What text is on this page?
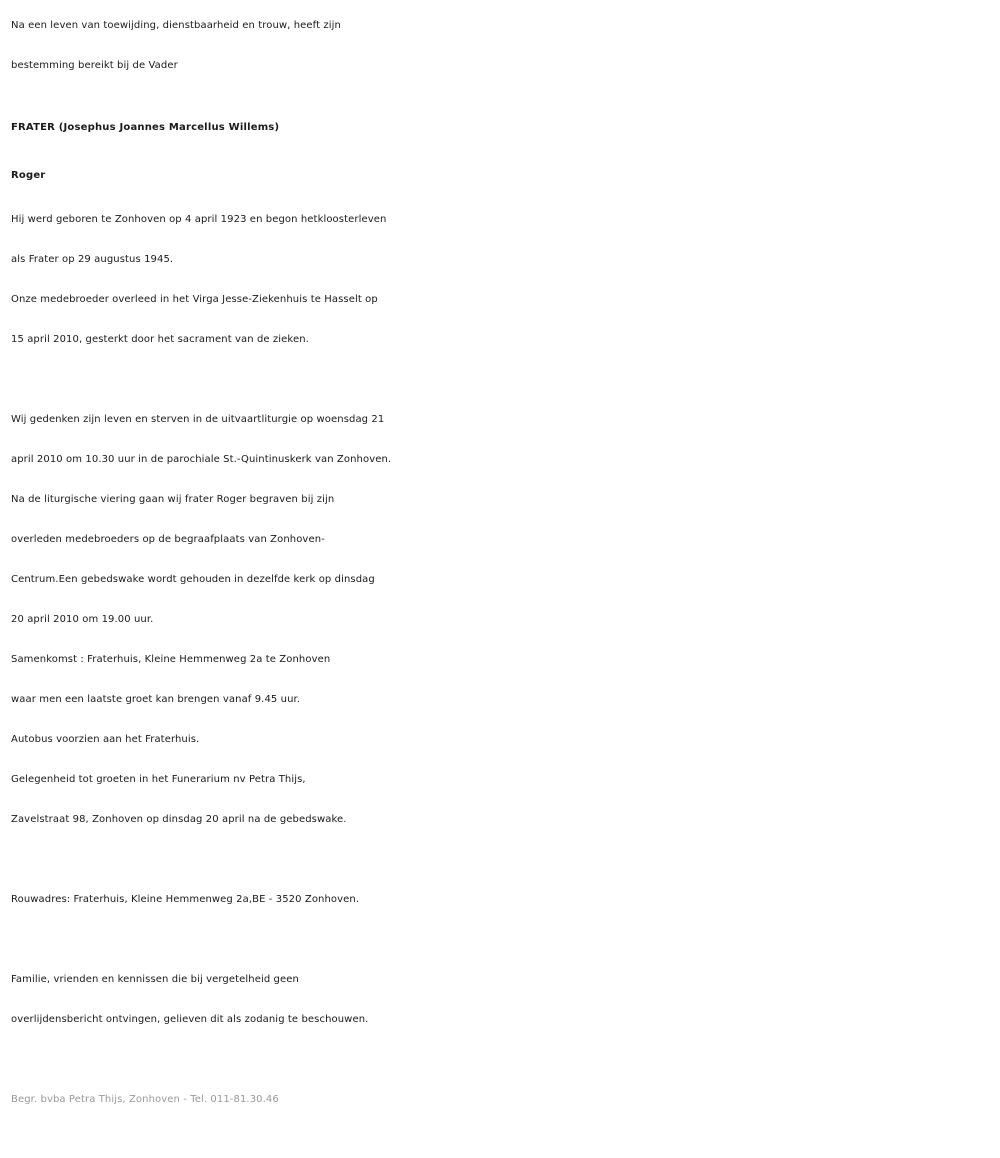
Na een leven van toewijding, dienstbaarheid en trouw, heeft zijn
bestemming bereikt bij de Vader
FRATER (Josephus Joannes Marcellus Willems)
Roger
Hij werd geboren te Zonhoven op 4 april 1923 en begon hetkloosterleven
als Frater op 29 augustus 1945.
Onze medebroeder overleed in het Virga Jesse-Ziekenhuis te Hasselt op
15 april 2010, gesterkt door het sacrament van de zieken.
Wij gedenken zijn leven en sterven in de uitvaartliturgie op woensdag 21
april 2010 om 10.30 uur in de parochiale St.-Quintinuskerk van Zonhoven.
Na de liturgische viering gaan wij frater Roger begraven bij zijn
overleden medebroeders op de begraafplaats van Zonhoven-
Centrum.Een gebedswake wordt gehouden in dezelfde kerk op dinsdag
20 april 2010 om 19.00 uur.
Samenkomst : Fraterhuis, Kleine Hemmenweg 2a te Zonhoven
waar men een laatste groet kan brengen vanaf 9.45 uur.
Autobus voorzien aan het Fraterhuis.
Gelegenheid tot groeten in het Funerarium nv Petra Thijs,
Zavelstraat 98, Zonhoven op dinsdag 20 april na de gebedswake.
Rouwadres: Fraterhuis, Kleine Hemmenweg 2a,BE - 3520 Zonhoven.
Familie, vrienden en kennissen die bij vergetelheid geen
overlijdensbericht ontvingen, gelieven dit als zodanig te beschouwen.
Begr. bvba Petra Thijs, Zonhoven - Tel. 011-81.30.46
